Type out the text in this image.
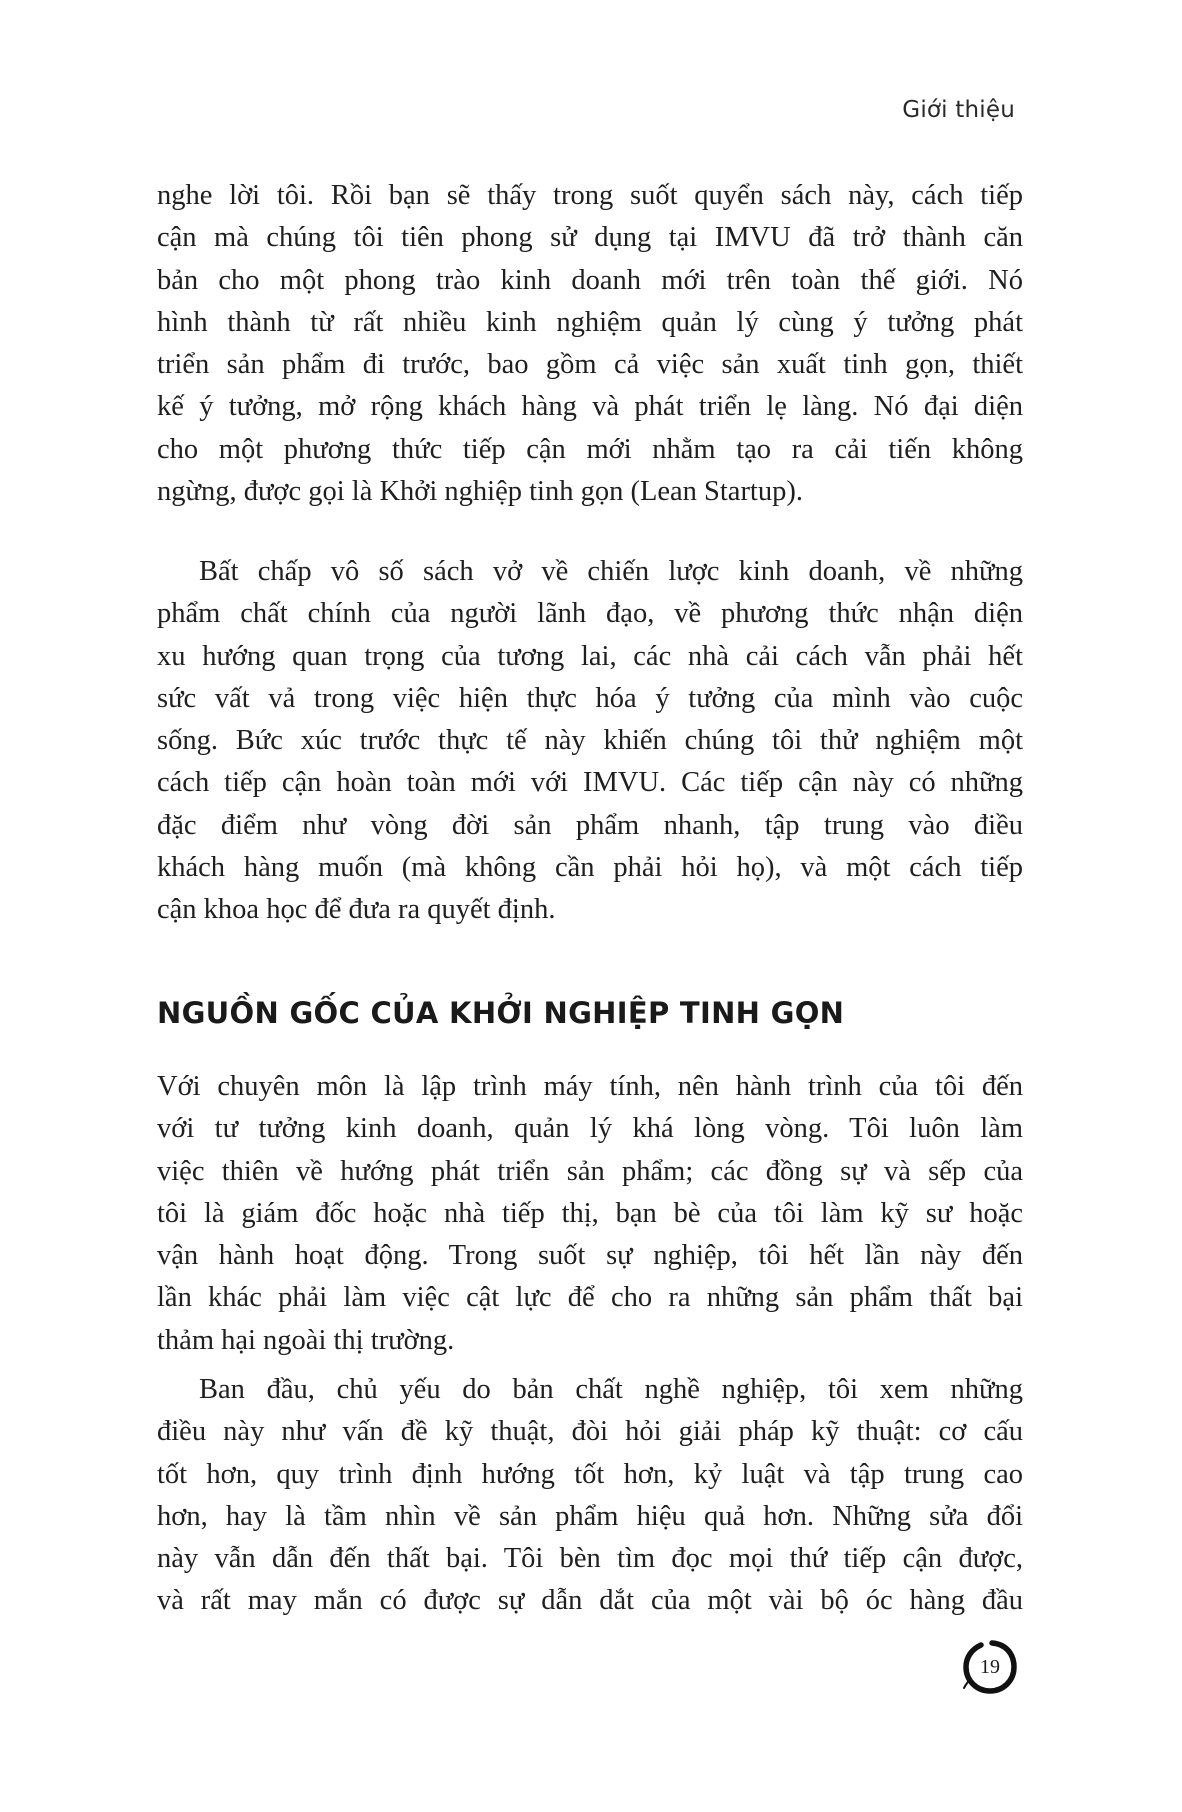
Giới thiệu

nghe lời tôi. Rồi bạn sẽ thấy trong suốt quyển sách này, cách tiếp
cận mà chúng tôi tiên phong sử dụng tại IMVU đã trở thành căn
bản cho một phong trào kinh doanh mới trên toàn thế giới. Nó
hình thành từ rất nhiều kinh nghiệm quản lý cùng ý tưởng phát
triển sản phẩm đi trước, bao gồm cả việc sản xuất tinh gọn, thiết
kế ý tưởng, mở rộng khách hàng và phát triển lẹ làng. Nó đại diện
cho một phương thức tiếp cận mới nhằm tạo ra cải tiến không
ngừng, được gọi là Khởi nghiệp tinh gọn (Lean Startup).

Bất chấp vô số sách vở về chiến lược kinh doanh, về những
phẩm chất chính của người lãnh đạo, về phương thức nhận diện
xu hướng quan trọng của tương lai, các nhà cải cách vẫn phải hết
sức vất vả trong việc hiện thực hóa ý tưởng của mình vào cuộc
sống. Bức xúc trước thực tế này khiến chúng tôi thử nghiệm một
cách tiếp cận hoàn toàn mới với IMVU. Các tiếp cận này có những
đặc điểm như vòng đời sản phẩm nhanh, tập trung vào điều
khách hàng muốn (mà không cần phải hỏi họ), và một cách tiếp
cận khoa học để đưa ra quyết định.

NGUỒN GỐC CỦA KHỞI NGHIỆP TINH GỌN

Với chuyên môn là lập trình máy tính, nên hành trình của tôi đến
với tư tưởng kinh doanh, quản lý khá lòng vòng. Tôi luôn làm
việc thiên về hướng phát triển sản phẩm; các đồng sự và sếp của
tôi là giám đốc hoặc nhà tiếp thị, bạn bè của tôi làm kỹ sư hoặc
vận hành hoạt động. Trong suốt sự nghiệp, tôi hết lần này đến
lần khác phải làm việc cật lực để cho ra những sản phẩm thất bại
thảm hại ngoài thị trường.

Ban đầu, chủ yếu do bản chất nghề nghiệp, tôi xem những
điều này như vấn đề kỹ thuật, đòi hỏi giải pháp kỹ thuật: cơ cấu
tốt hơn, quy trình định hướng tốt hơn, kỷ luật và tập trung cao
hơn, hay là tầm nhìn về sản phẩm hiệu quả hơn. Những sửa đổi
này vẫn dẫn đến thất bại. Tôi bèn tìm đọc mọi thứ tiếp cận được,
và rất may mắn có được sự dẫn dắt của một vài bộ óc hàng đầu

19
